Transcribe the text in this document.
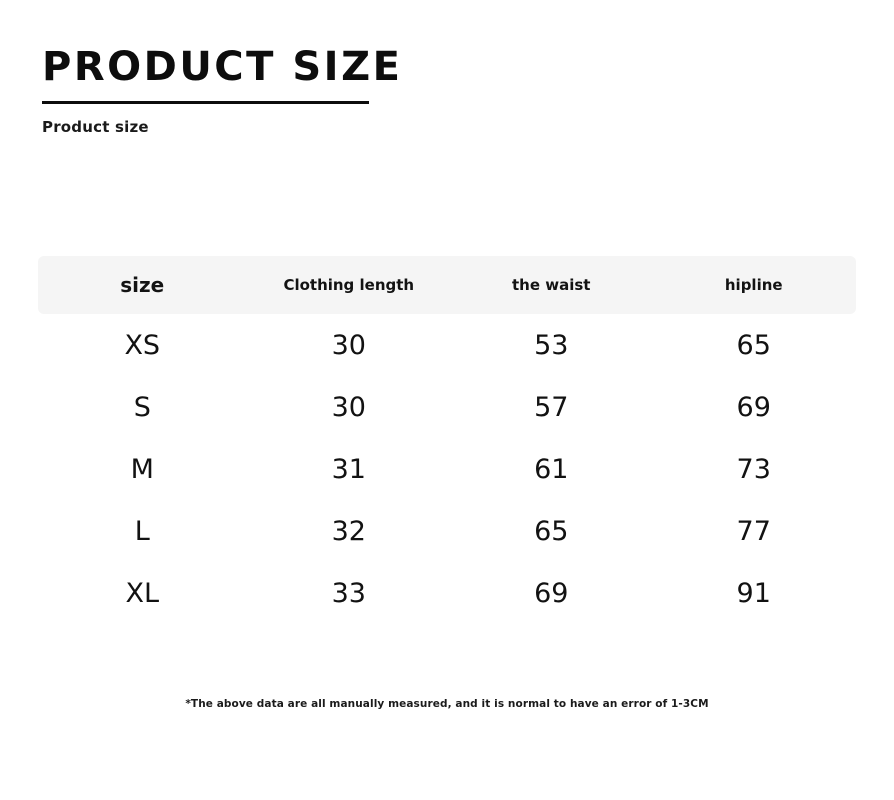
PRODUCT SIZE
Product size
size	Clothing length	the waist	hipline
XS	30	53	65
S	30	57	69
M	31	61	73
L	32	65	77
XL	33	69	91
*The above data are all manually measured, and it is normal to have an error of 1-3CM
